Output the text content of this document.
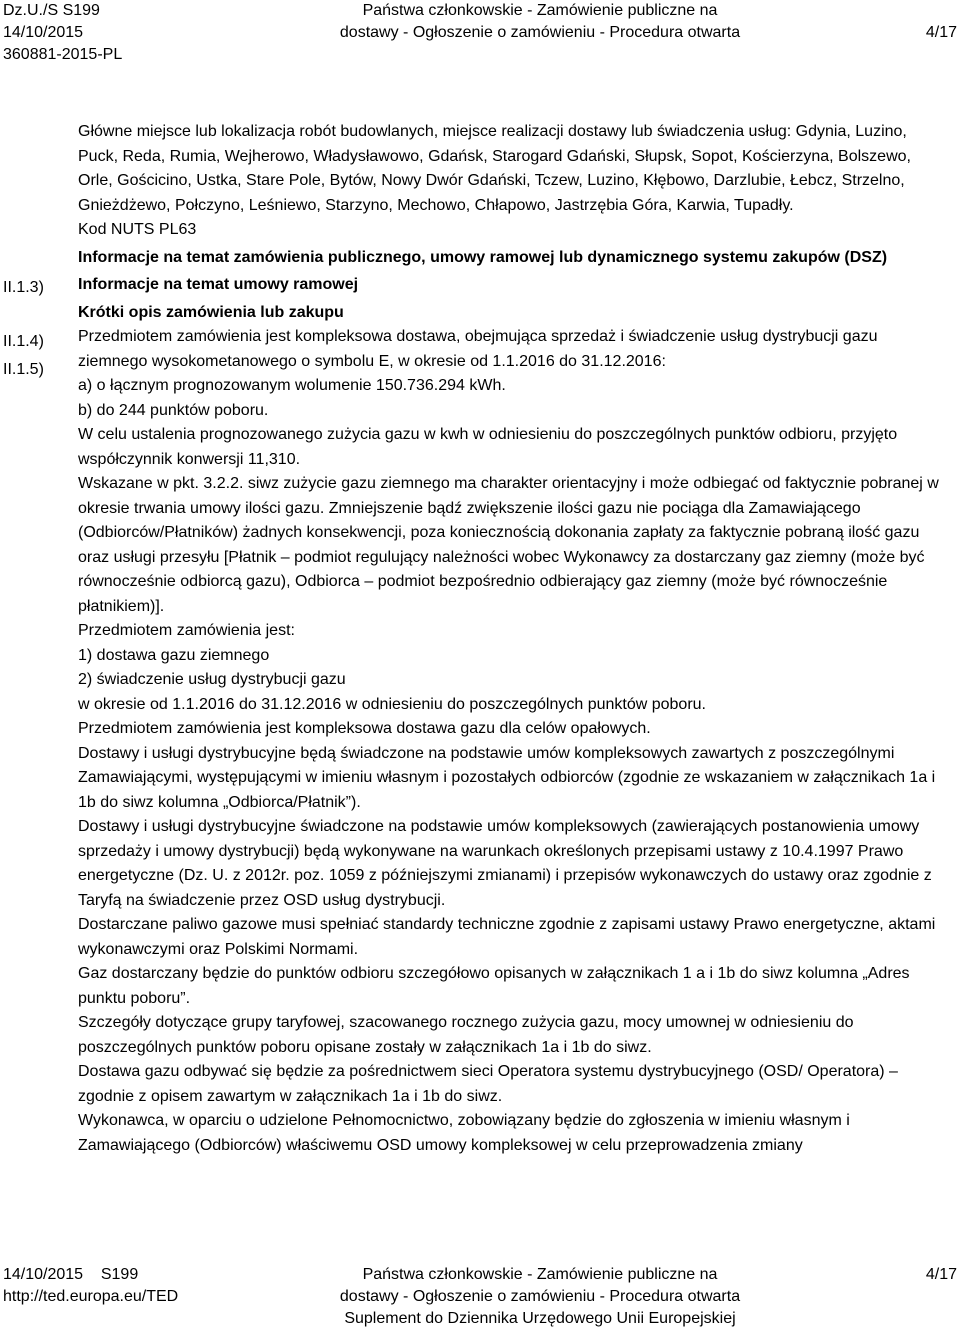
Dz.U./S S199
14/10/2015
360881-2015-PL
Państwa członkowskie - Zamówienie publiczne na
dostawy - Ogłoszenie o zamówieniu - Procedura otwarta	4/17
II.1.3)
II.1.4)
II.1.5)

Główne miejsce lub lokalizacja robót budowlanych, miejsce realizacji dostawy lub świadczenia usług: Gdynia, Luzino, Puck, Reda, Rumia, Wejherowo, Władysławowo, Gdańsk, Starogard Gdański, Słupsk, Sopot, Kościerzyna, Bolszewo, Orle, Gościcino, Ustka, Stare Pole, Bytów, Nowy Dwór Gdański, Tczew, Luzino, Kłębowo, Darzlubie, Łebcz, Strzelno, Gnieżdżewo, Połczyno, Leśniewo, Starzyno, Mechowo, Chłapowo, Jastrzębia Góra, Karwia, Tupadły.

Kod NUTS PL63

Informacje na temat zamówienia publicznego, umowy ramowej lub dynamicznego systemu zakupów (DSZ)

Informacje na temat umowy ramowej

Krótki opis zamówienia lub zakupu

Przedmiotem zamówienia jest kompleksowa dostawa, obejmująca sprzedaż i świadczenie usług dystrybucji gazu ziemnego wysokometanowego o symbolu E, w okresie od 1.1.2016 do 31.12.2016:

a) o łącznym prognozowanym wolumenie 150.736.294 kWh.

b) do 244 punktów poboru.

W celu ustalenia prognozowanego zużycia gazu w kwh w odniesieniu do poszczególnych punktów odbioru, przyjęto współczynnik konwersji 11,310.

Wskazane w pkt. 3.2.2. siwz zużycie gazu ziemnego ma charakter orientacyjny i może odbiegać od faktycznie pobranej w okresie trwania umowy ilości gazu. Zmniejszenie bądź zwiększenie ilości gazu nie pociąga dla Zamawiającego (Odbiorców/Płatników) żadnych konsekwencji, poza koniecznością dokonania zapłaty za faktycznie pobraną ilość gazu oraz usługi przesyłu [Płatnik – podmiot regulujący należności wobec Wykonawcy za dostarczany gaz ziemny (może być równocześnie odbiorcą gazu), Odbiorca – podmiot bezpośrednio odbierający gaz ziemny (może być równocześnie płatnikiem)].

Przedmiotem zamówienia jest:

1) dostawa gazu ziemnego

2) świadczenie usług dystrybucji gazu

w okresie od 1.1.2016 do 31.12.2016 w odniesieniu do poszczególnych punktów poboru.

Przedmiotem zamówienia jest kompleksowa dostawa gazu dla celów opałowych.

Dostawy i usługi dystrybucyjne będą świadczone na podstawie umów kompleksowych zawartych z poszczególnymi Zamawiającymi, występującymi w imieniu własnym i pozostałych odbiorców (zgodnie ze wskazaniem w załącznikach 1a i 1b do siwz kolumna „Odbiorca/Płatnik”).

Dostawy i usługi dystrybucyjne świadczone na podstawie umów kompleksowych (zawierających postanowienia umowy sprzedaży i umowy dystrybucji) będą wykonywane na warunkach określonych przepisami ustawy z 10.4.1997 Prawo energetyczne (Dz. U. z 2012r. poz. 1059 z późniejszymi zmianami) i przepisów wykonawczych do ustawy oraz zgodnie z Taryfą na świadczenie przez OSD usług dystrybucji.

Dostarczane paliwo gazowe musi spełniać standardy techniczne zgodnie z zapisami ustawy Prawo energetyczne, aktami wykonawczymi oraz Polskimi Normami.

Gaz dostarczany będzie do punktów odbioru szczegółowo opisanych w załącznikach 1 a i 1b do siwz kolumna „Adres punktu poboru”.

Szczegóły dotyczące grupy taryfowej, szacowanego rocznego zużycia gazu, mocy umownej w odniesieniu do poszczególnych punktów poboru opisane zostały w załącznikach 1a i 1b do siwz.

Dostawa gazu odbywać się będzie za pośrednictwem sieci Operatora systemu dystrybucyjnego (OSD/ Operatora) – zgodnie z opisem zawartym w załącznikach 1a i 1b do siwz.

Wykonawca, w oparciu o udzielone Pełnomocnictwo, zobowiązany będzie do zgłoszenia w imieniu własnym i Zamawiającego (Odbiorców) właściwemu OSD umowy kompleksowej w celu przeprowadzenia zmiany

14/10/2015    S199
http://ted.europa.eu/TED
Państwa członkowskie - Zamówienie publiczne na
dostawy - Ogłoszenie o zamówieniu - Procedura otwarta
Suplement do Dziennika Urzędowego Unii Europejskiej
4/17
